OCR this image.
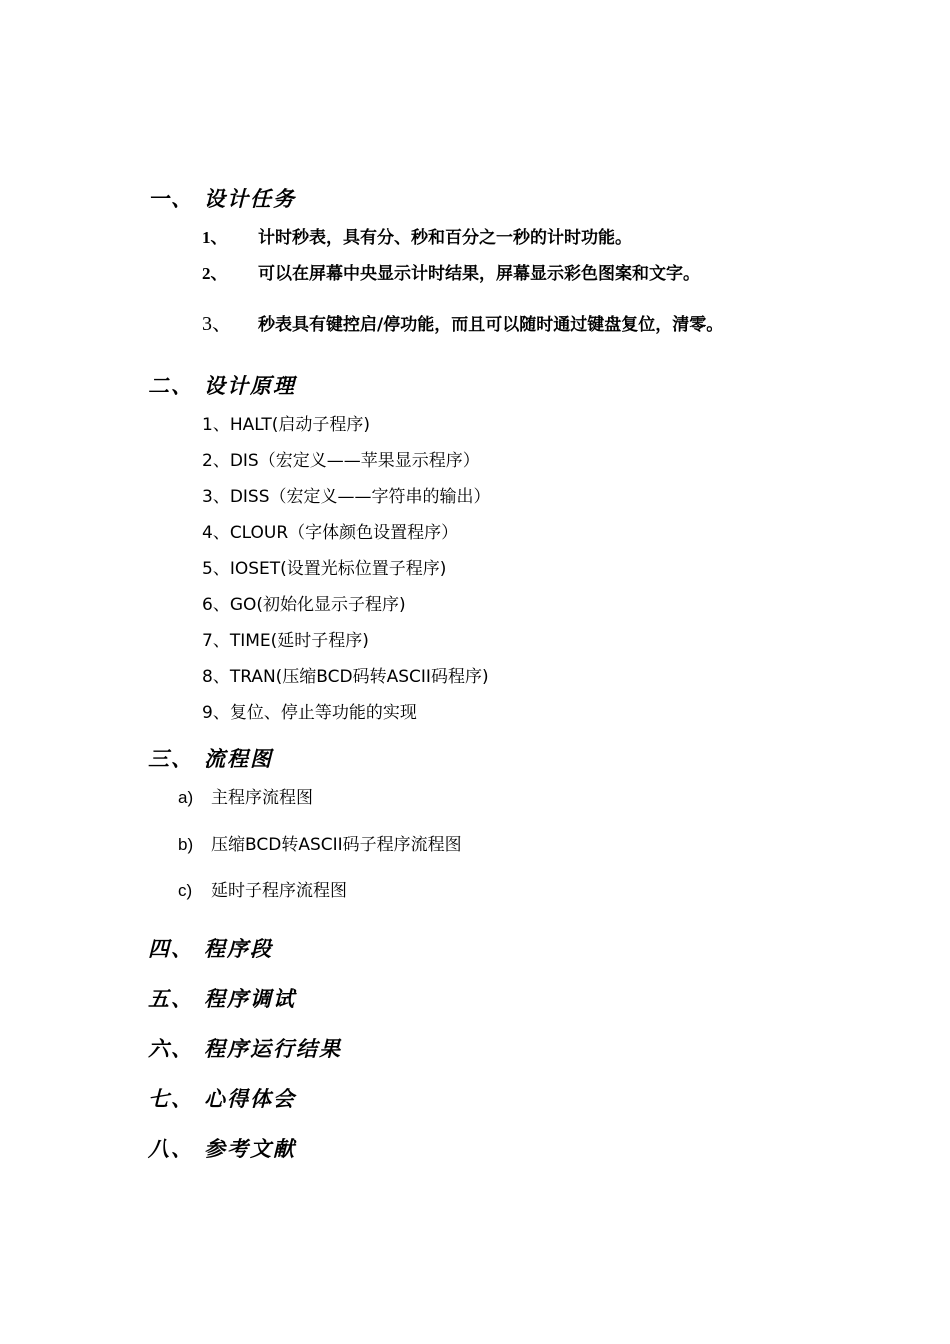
一、 设计任务
1、 计时秒表，具有分、秒和百分之一秒的计时功能。
2、 可以在屏幕中央显示计时结果，屏幕显示彩色图案和文字。
3、 秒表具有键控启/停功能，而且可以随时通过键盘复位，清零。
二、 设计原理
1、HALT(启动子程序)
2、DIS（宏定义——苹果显示程序）
3、DISS（宏定义——字符串的输出）
4、CLOUR（字体颜色设置程序）
5、IOSET(设置光标位置子程序)
6、GO(初始化显示子程序)
7、TIME(延时子程序)
8、TRAN(压缩BCD码转ASCII码程序)
9、复位、停止等功能的实现
三、 流程图
a) 主程序流程图
b) 压缩BCD转ASCII码子程序流程图
c) 延时子程序流程图
四、 程序段
五、 程序调试
六、 程序运行结果
七、 心得体会
八、 参考文献
